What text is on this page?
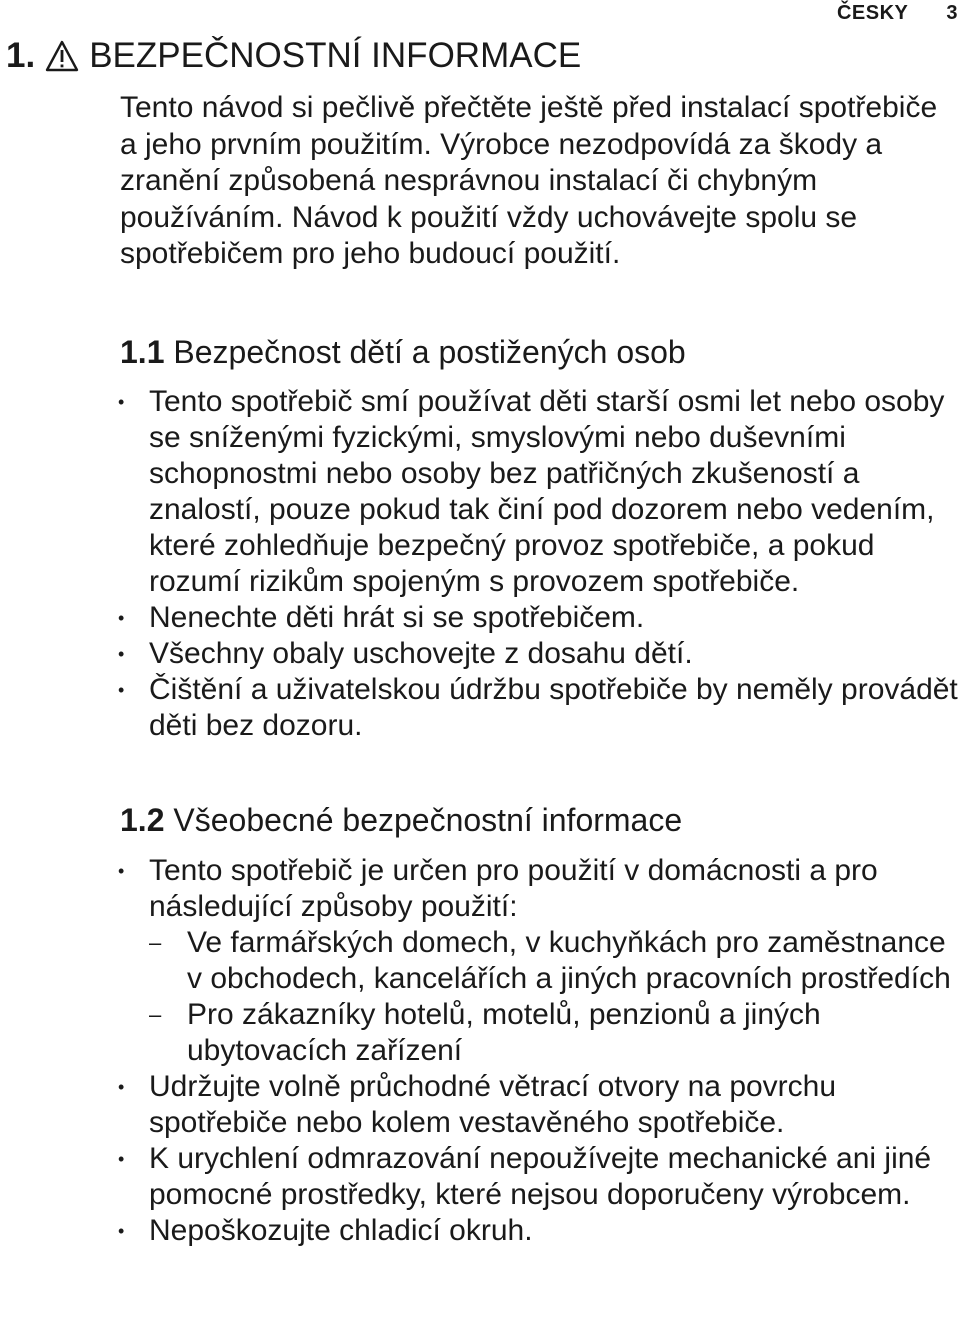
ČESKY 3
1. BEZPEČNOSTNÍ INFORMACE

Tento návod si pečlivě přečtěte ještě před instalací spotřebiče a jeho prvním použitím. Výrobce nezodpovídá za škody a zranění způsobená nesprávnou instalací či chybným používáním. Návod k použití vždy uchovávejte spolu se spotřebičem pro jeho budoucí použití.

1.1 Bezpečnost dětí a postižených osob
• Tento spotřebič smí používat děti starší osmi let nebo osoby se sníženými fyzickými, smyslovými nebo duševními schopnostmi nebo osoby bez patřičných zkušeností a znalostí, pouze pokud tak činí pod dozorem nebo vedením, které zohledňuje bezpečný provoz spotřebiče, a pokud rozumí rizikům spojeným s provozem spotřebiče.
• Nenechte děti hrát si se spotřebičem.
• Všechny obaly uschovejte z dosahu dětí.
• Čištění a uživatelskou údržbu spotřebiče by neměly provádět děti bez dozoru.
1.2 Všeobecné bezpečnostní informace
• Tento spotřebič je určen pro použití v domácnosti a pro následující způsoby použití:
– Ve farmářských domech, v kuchyňkách pro zaměstnance v obchodech, kancelářích a jiných pracovních prostředích
– Pro zákazníky hotelů, motelů, penzionů a jiných ubytovacích zařízení
• Udržujte volně průchodné větrací otvory na povrchu spotřebiče nebo kolem vestavěného spotřebiče.
• K urychlení odmrazování nepoužívejte mechanické ani jiné pomocné prostředky, které nejsou doporučeny výrobcem.
• Nepoškozujte chladicí okruh.
